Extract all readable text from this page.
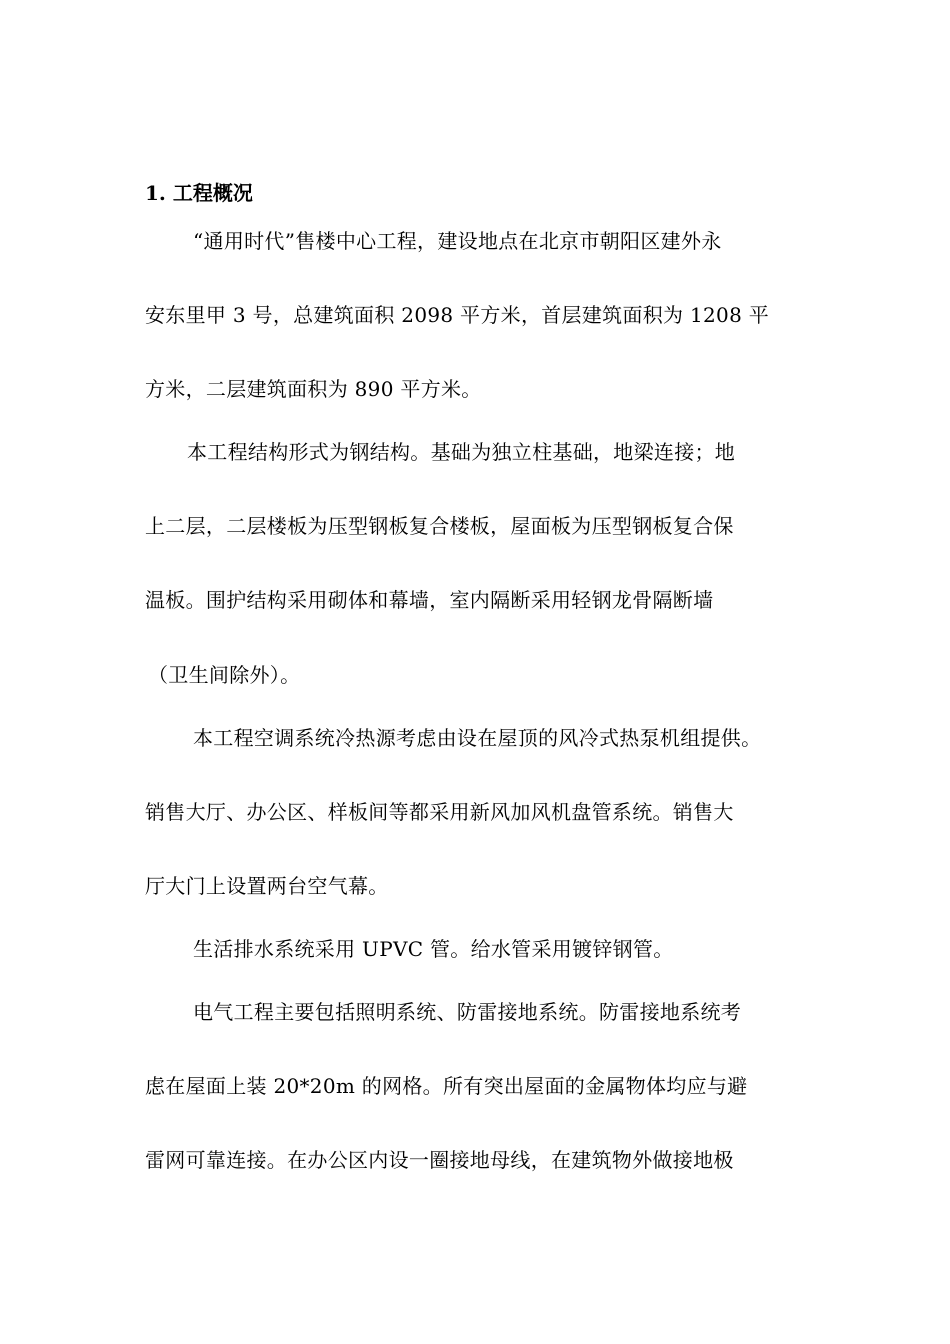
1. 工程概况
“通用时代”售楼中心工程，建设地点在北京市朝阳区建外永
安东里甲 3 号，总建筑面积 2098 平方米，首层建筑面积为 1208 平
方米，二层建筑面积为 890 平方米。
本工程结构形式为钢结构。基础为独立柱基础，地梁连接；地
上二层，二层楼板为压型钢板复合楼板，屋面板为压型钢板复合保
温板。围护结构采用砌体和幕墙，室内隔断采用轻钢龙骨隔断墙
（卫生间除外）。
本工程空调系统冷热源考虑由设在屋顶的风冷式热泵机组提供。
销售大厅、办公区、样板间等都采用新风加风机盘管系统。销售大
厅大门上设置两台空气幕。
生活排水系统采用 UPVC 管。给水管采用镀锌钢管。
电气工程主要包括照明系统、防雷接地系统。防雷接地系统考
虑在屋面上装 20*20m 的网格。所有突出屋面的金属物体均应与避
雷网可靠连接。在办公区内设一圈接地母线，在建筑物外做接地极
